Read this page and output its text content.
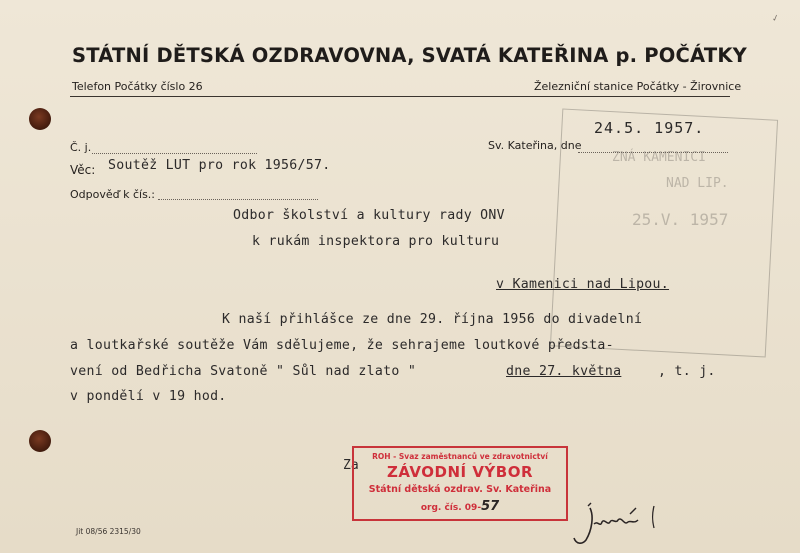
✓
STÁTNÍ DĚTSKÁ OZDRAVOVNA, SVATÁ KATEŘINA p. POČÁTKY
Telefon Počátky číslo 26	Železniční stanice Počátky - Žirovnice
ZNÁ KAMENICI
NAD LIP.
25.V. 1957
Č. j.	Sv. Kateřina, dne
24.5. 1957.
Věc: Soutěž LUT pro rok 1956/57.
Odpověď k čís.:
Odbor školství a kultury rady ONV
k rukám inspektora pro kulturu
v Kamenici nad Lipou.
K naší přihlášce ze dne 29. října 1956 do divadelní
a loutkařské soutěže Vám sdělujeme, že sehrajeme loutkové předsta-
vení od Bedřicha Svatoně " Sůl nad zlato "	dne 27. května	, t. j.
v pondělí v 19 hod.
Za
ROH - Svaz zaměstnanců ve zdravotnictví
ZÁVODNÍ VÝBOR
Státní dětská ozdrav. Sv. Kateřina
org. čís. 09-57
Jit 08/56 2315/30
